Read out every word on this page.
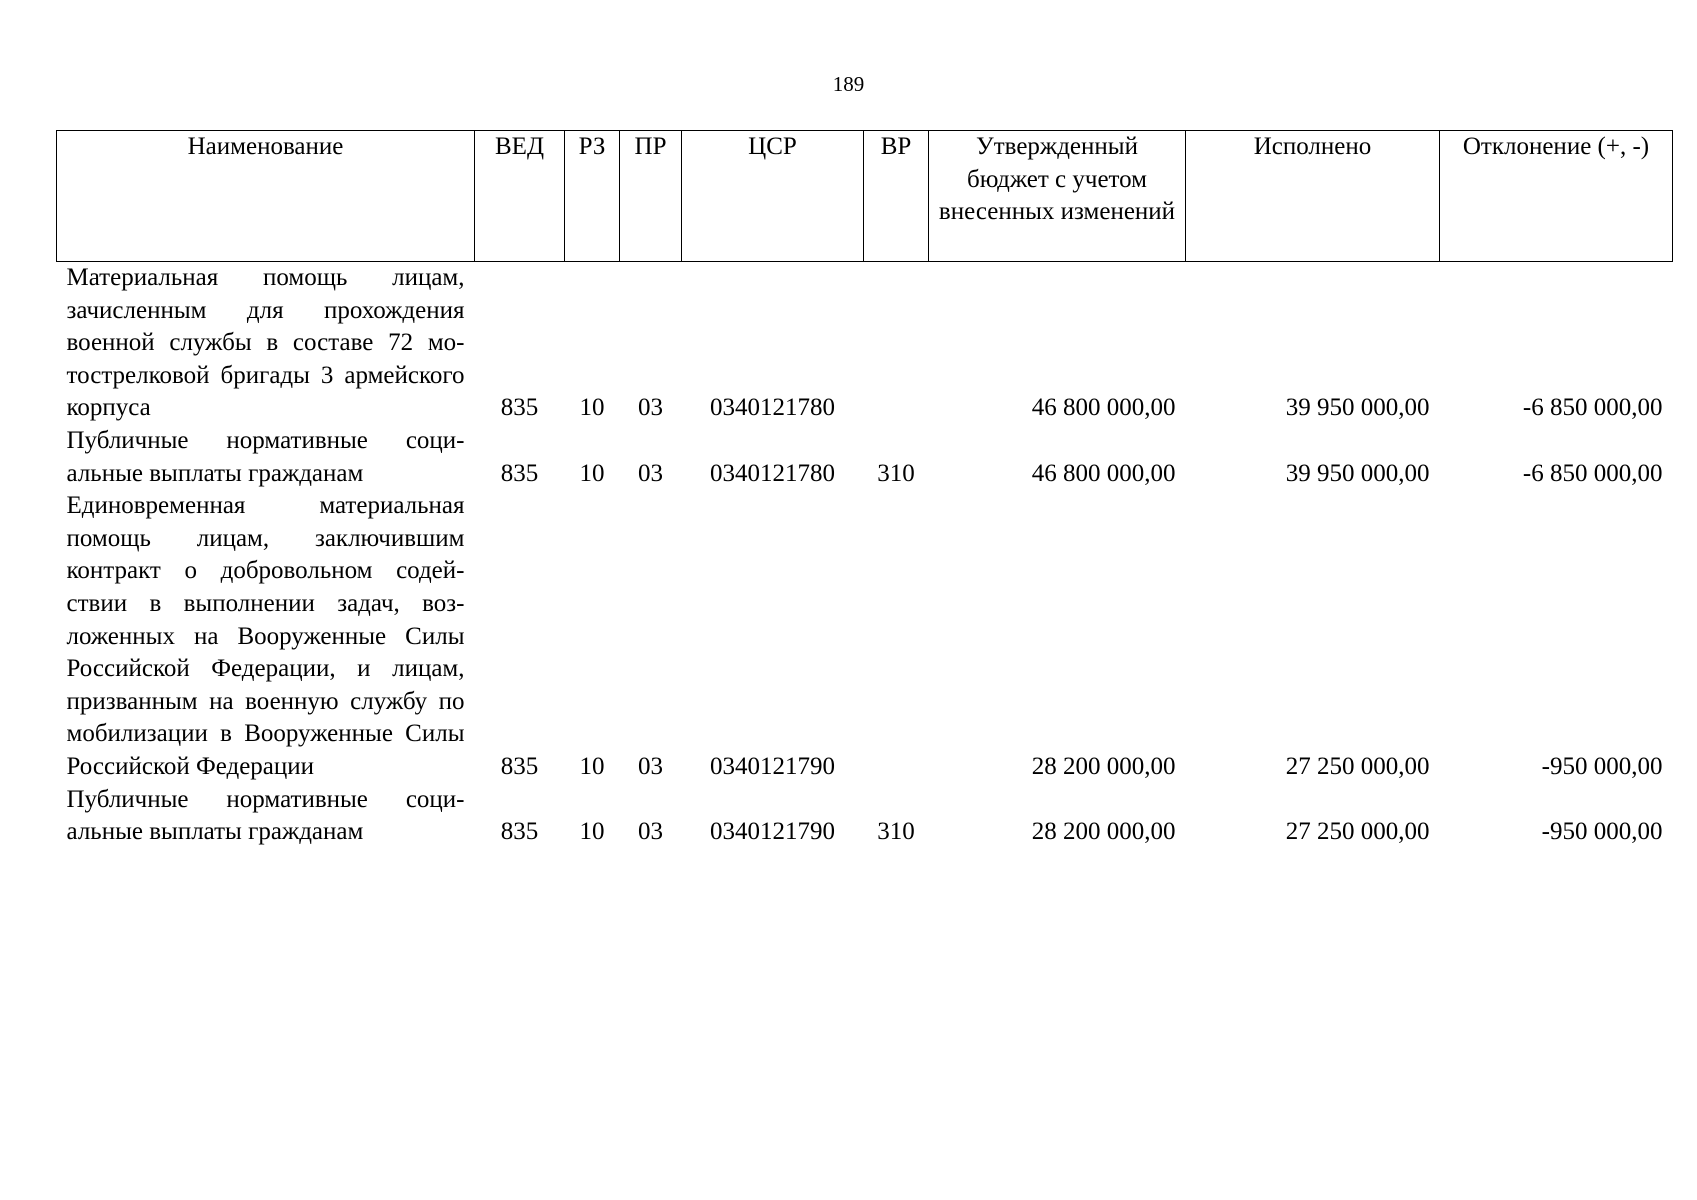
189
Наименование	ВЕД	РЗ	ПР	ЦСР	ВР	Утвержденный бюджет с учетом внесенных изменений	Исполнено	Отклонение (+, -)
Материальная помощь лицам, зачисленным для прохождения военной службы в составе 72 мотострелковой бригады 3 армейского корпуса	835	10	03	0340121780		46 800 000,00	39 950 000,00	-6 850 000,00
Публичные нормативные социальные выплаты гражданам	835	10	03	0340121780	310	46 800 000,00	39 950 000,00	-6 850 000,00
Единовременная материальная помощь лицам, заключившим контракт о добровольном содействии в выполнении задач, возложенных на Вооруженные Силы Российской Федерации, и лицам, призванным на военную службу по мобилизации в Вооруженные Силы Российской Федерации	835	10	03	0340121790		28 200 000,00	27 250 000,00	-950 000,00
Публичные нормативные социальные выплаты гражданам	835	10	03	0340121790	310	28 200 000,00	27 250 000,00	-950 000,00
